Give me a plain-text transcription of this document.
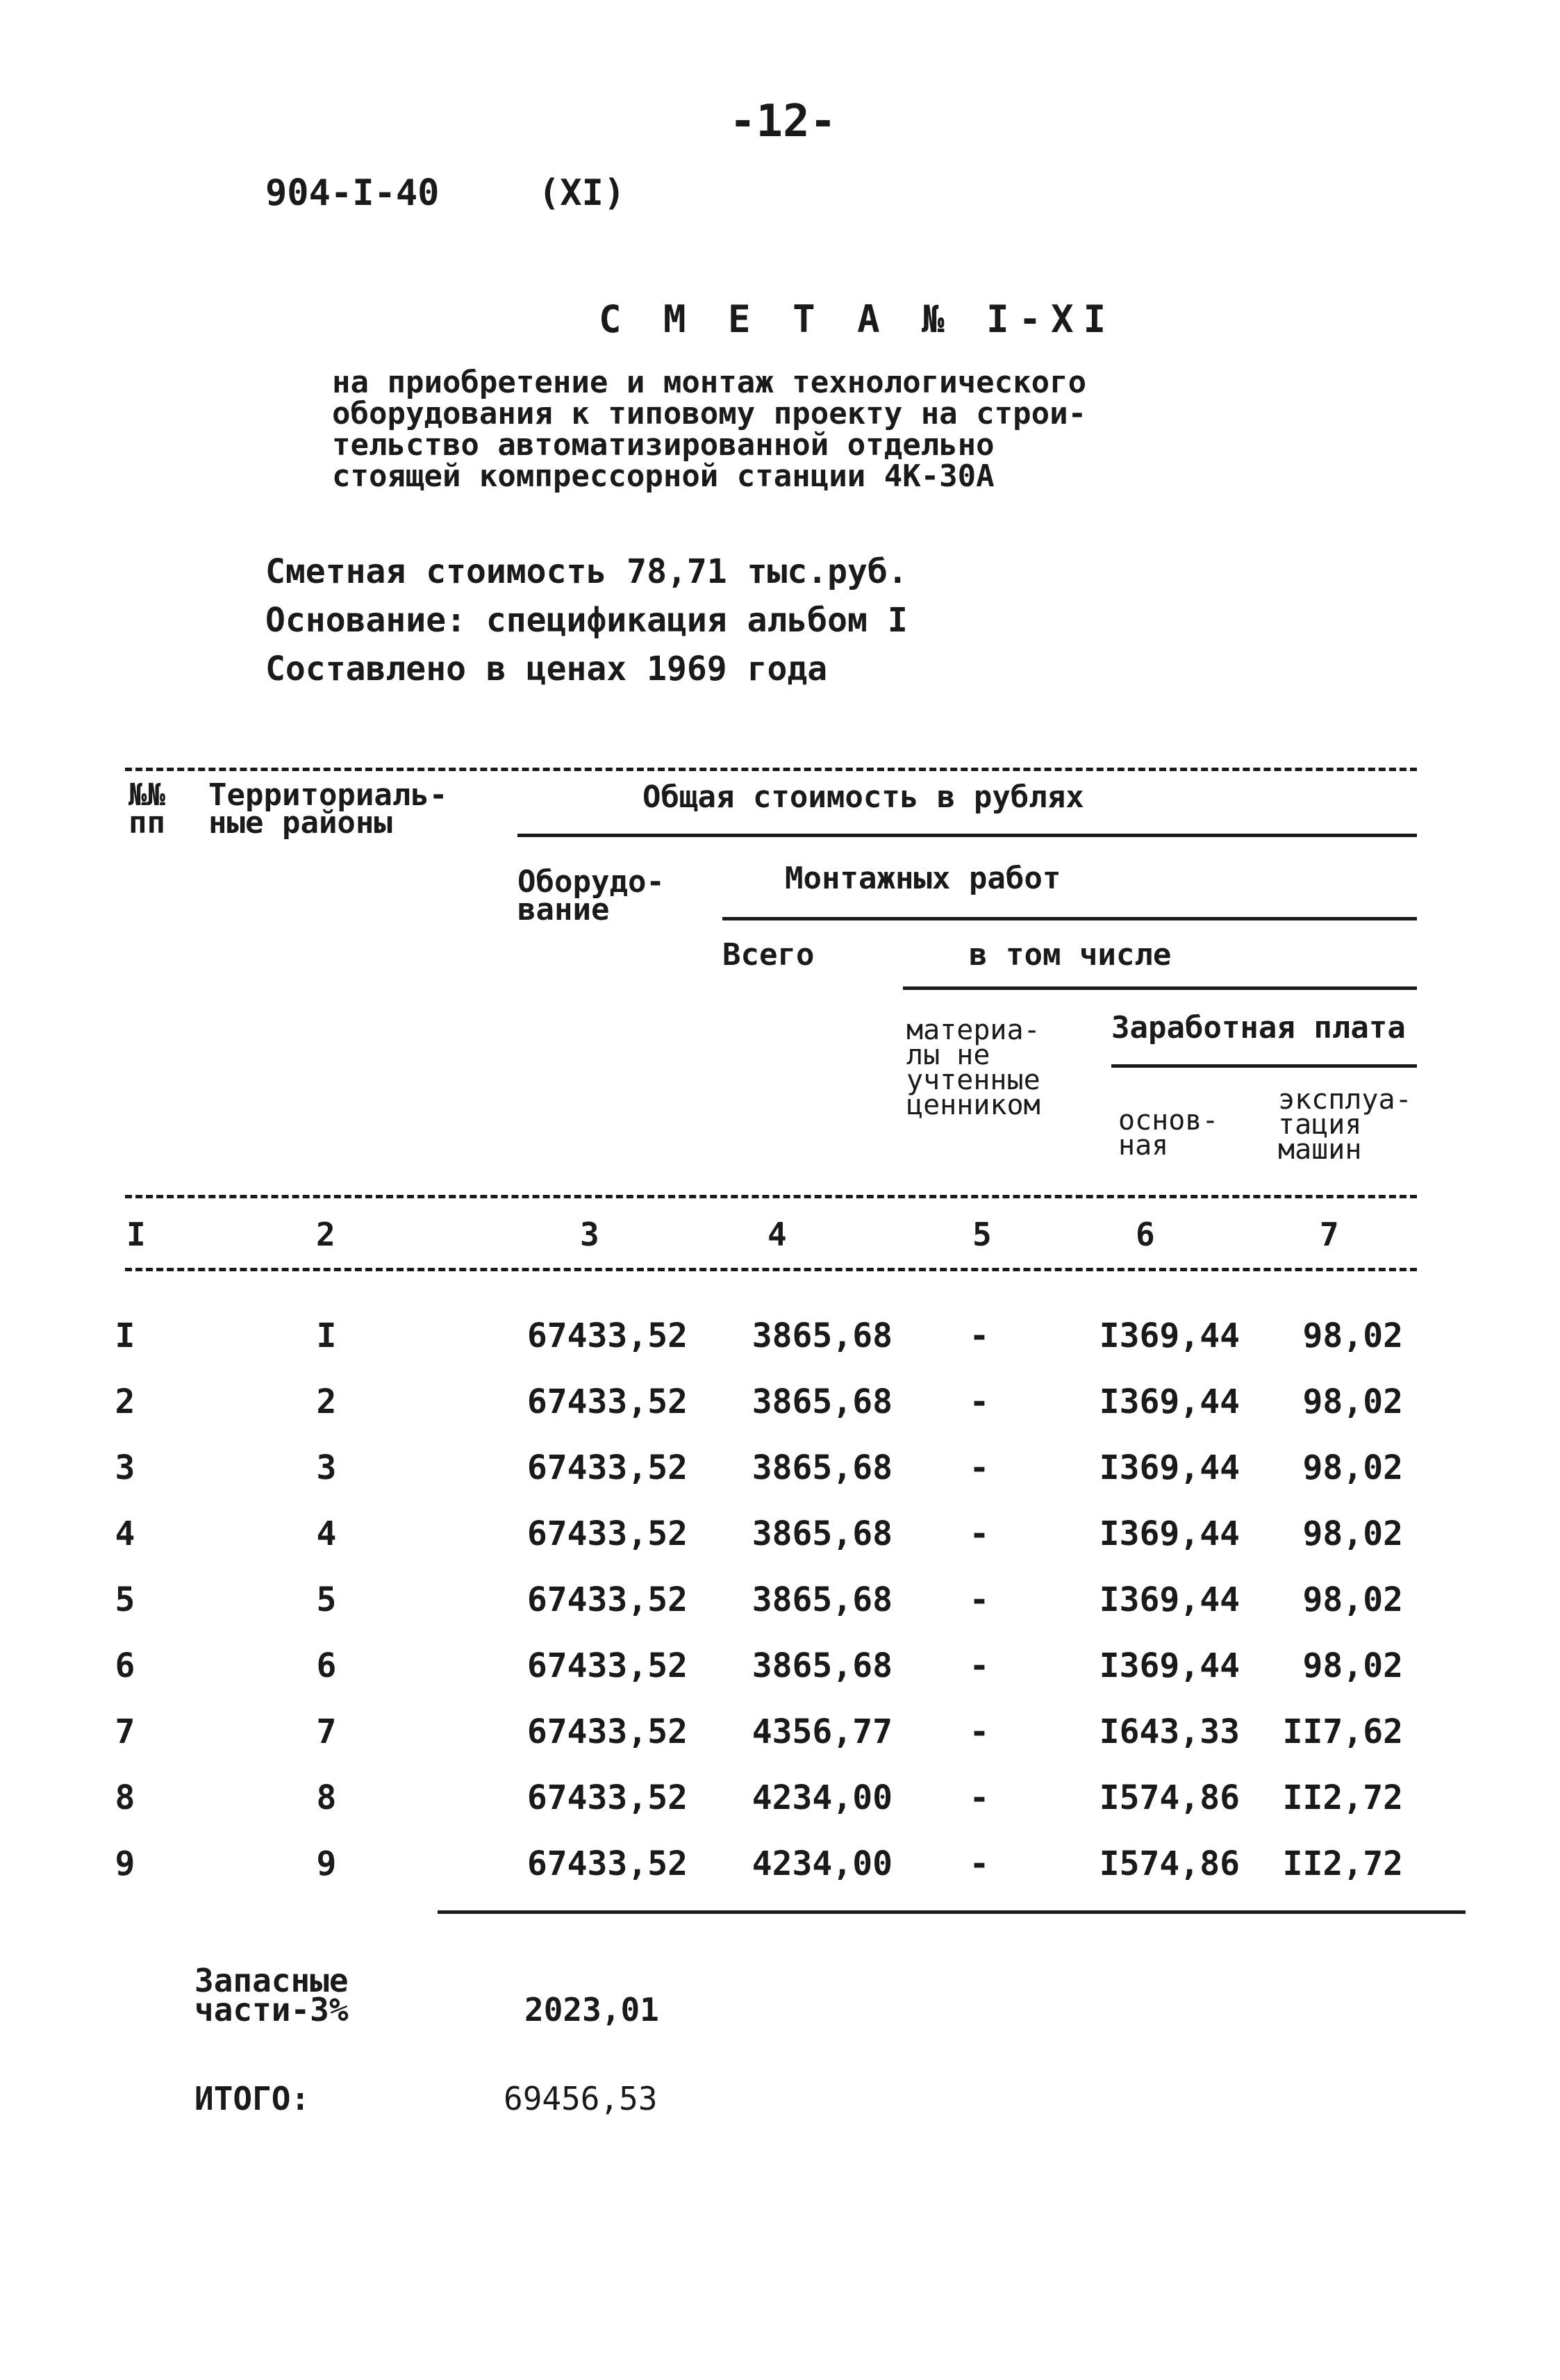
-12-
904-I-40	(ХI)
С М Е Т А № I-ХI
на приобретение и монтаж технологического
оборудования к типовому проекту на строи-
тельство автоматизированной отдельно
стоящей компрессорной станции 4К-30А
Сметная стоимость 78,71 тыс.руб.
Основание: спецификация альбом I
Составлено в ценах 1969 года
№№
пп
Территориаль-
ные районы
Общая стоимость в рублях
Оборудо-
вание
Монтажных работ
Всего	в том числе
материа-
лы не
учтенные
ценником
Заработная плата
основ-
ная
эксплуа-
тация
машин
I	2	3	4	5	6	7
I	I	67433,52	3865,68	-	I369,44	98,02
2	2	67433,52	3865,68	-	I369,44	98,02
3	3	67433,52	3865,68	-	I369,44	98,02
4	4	67433,52	3865,68	-	I369,44	98,02
5	5	67433,52	3865,68	-	I369,44	98,02
6	6	67433,52	3865,68	-	I369,44	98,02
7	7	67433,52	4356,77	-	I643,33	II7,62
8	8	67433,52	4234,00	-	I574,86	II2,72
9	9	67433,52	4234,00	-	I574,86	II2,72
Запасные
части-3%	2023,01
ИТОГО:	69456,53
